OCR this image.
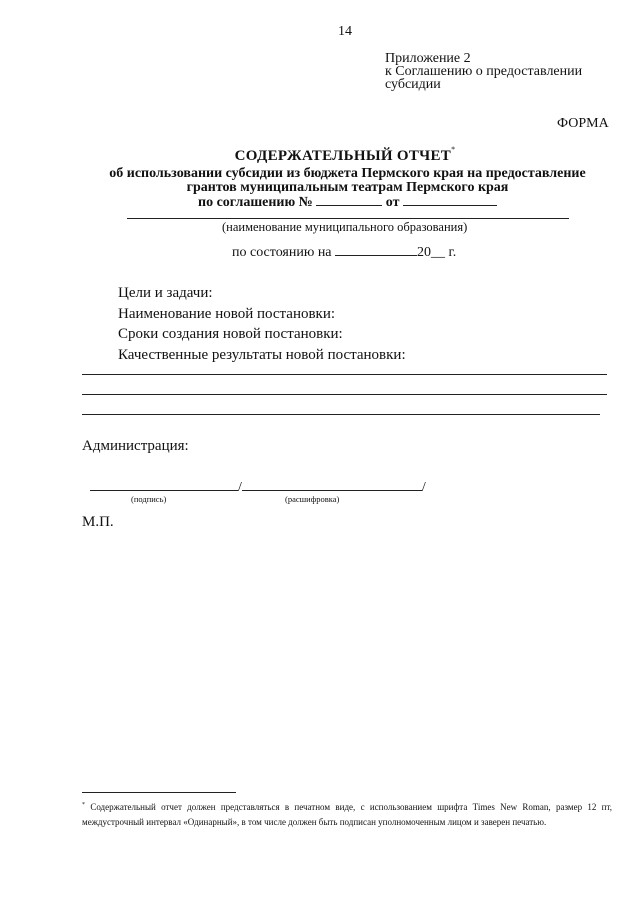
14
Приложение 2
к Соглашению о предоставлении
субсидии
ФОРМА
СОДЕРЖАТЕЛЬНЫЙ ОТЧЕТ*
об использовании субсидии из бюджета Пермского края на предоставление
грантов муниципальным театрам Пермского края
по соглашению №	от
(наименование муниципального образования)
по состоянию на	20__ г.
Цели и задачи:
Наименование новой постановки:
Сроки создания новой постановки:
Качественные результаты новой постановки:
Администрация:
/	/
(подпись)	(расшифровка)
М.П.

* Содержательный отчет должен представляться в печатном виде, с использованием шрифта Times New Roman, размер 12 пт, междустрочный интервал «Одинарный», в том числе должен быть подписан уполномоченным лицом и заверен печатью.
